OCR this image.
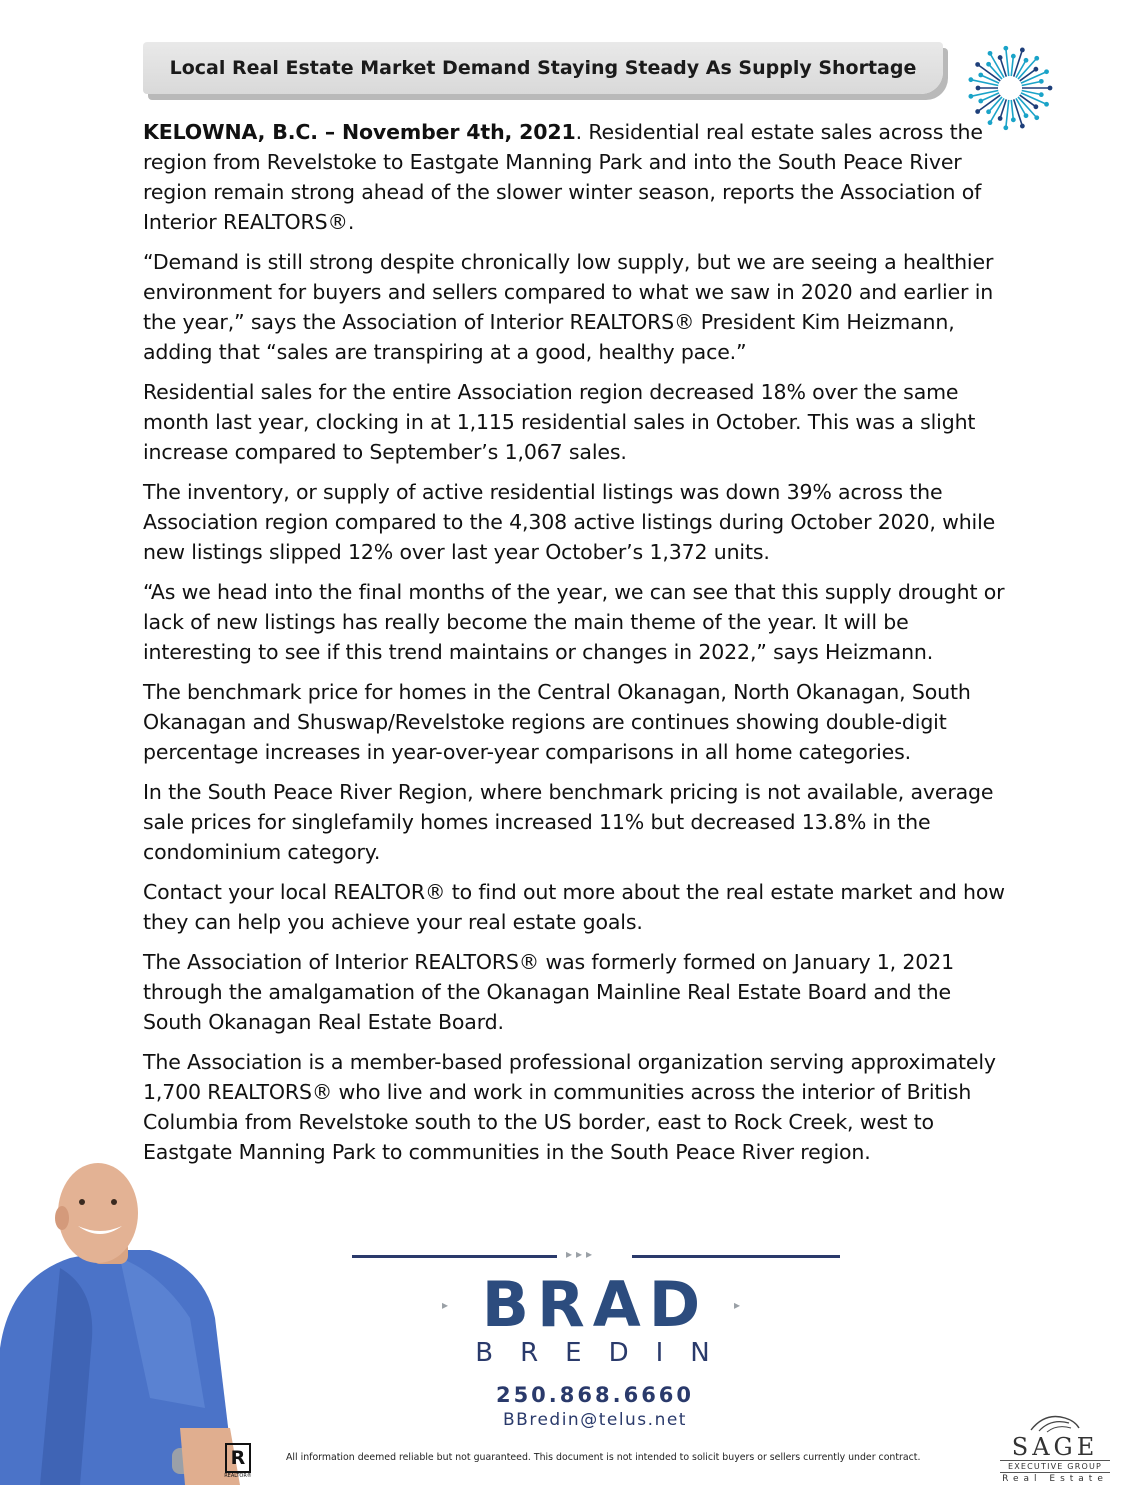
Local Real Estate Market Demand Staying Steady As Supply Shortage

KELOWNA, B.C. – November 4th, 2021. Residential real estate sales across the region from Revelstoke to Eastgate Manning Park and into the South Peace River region remain strong ahead of the slower winter season, reports the Association of Interior REALTORS®.

“Demand is still strong despite chronically low supply, but we are seeing a healthier environment for buyers and sellers compared to what we saw in 2020 and earlier in the year,” says the Association of Interior REALTORS® President Kim Heizmann, adding that “sales are transpiring at a good, healthy pace.”

Residential sales for the entire Association region decreased 18% over the same month last year, clocking in at 1,115 residential sales in October. This was a slight increase compared to September’s 1,067 sales.

The inventory, or supply of active residential listings was down 39% across the Association region compared to the 4,308 active listings during October 2020, while new listings slipped 12% over last year October’s 1,372 units.

“As we head into the final months of the year, we can see that this supply drought or lack of new listings has really become the main theme of the year. It will be interesting to see if this trend maintains or changes in 2022,” says Heizmann.

The benchmark price for homes in the Central Okanagan, North Okanagan, South Okanagan and Shuswap/Revelstoke regions are continues showing double-digit percentage increases in year-over-year comparisons in all home categories.

In the South Peace River Region, where benchmark pricing is not available, average sale prices for singlefamily homes increased 11% but decreased 13.8% in the condominium category.

Contact your local REALTOR® to find out more about the real estate market and how they can help you achieve your real estate goals.

The Association of Interior REALTORS® was formerly formed on January 1, 2021 through the amalgamation of the Okanagan Mainline Real Estate Board and the South Okanagan Real Estate Board.

The Association is a member-based professional organization serving approximately 1,700 REALTORS® who live and work in communities across the interior of British Columbia from Revelstoke south to the US border, east to Rock Creek, west to Eastgate Manning Park to communities in the South Peace River region.

▸▸▸
BRAD
BREDIN
▸	▸
250.868.6660
BBredin@telus.net
R
REALTOR®
All information deemed reliable but not guaranteed. This document is not intended to solicit buyers or sellers currently under contract.	SAGE
EXECUTIVE GROUP
Real Estate
